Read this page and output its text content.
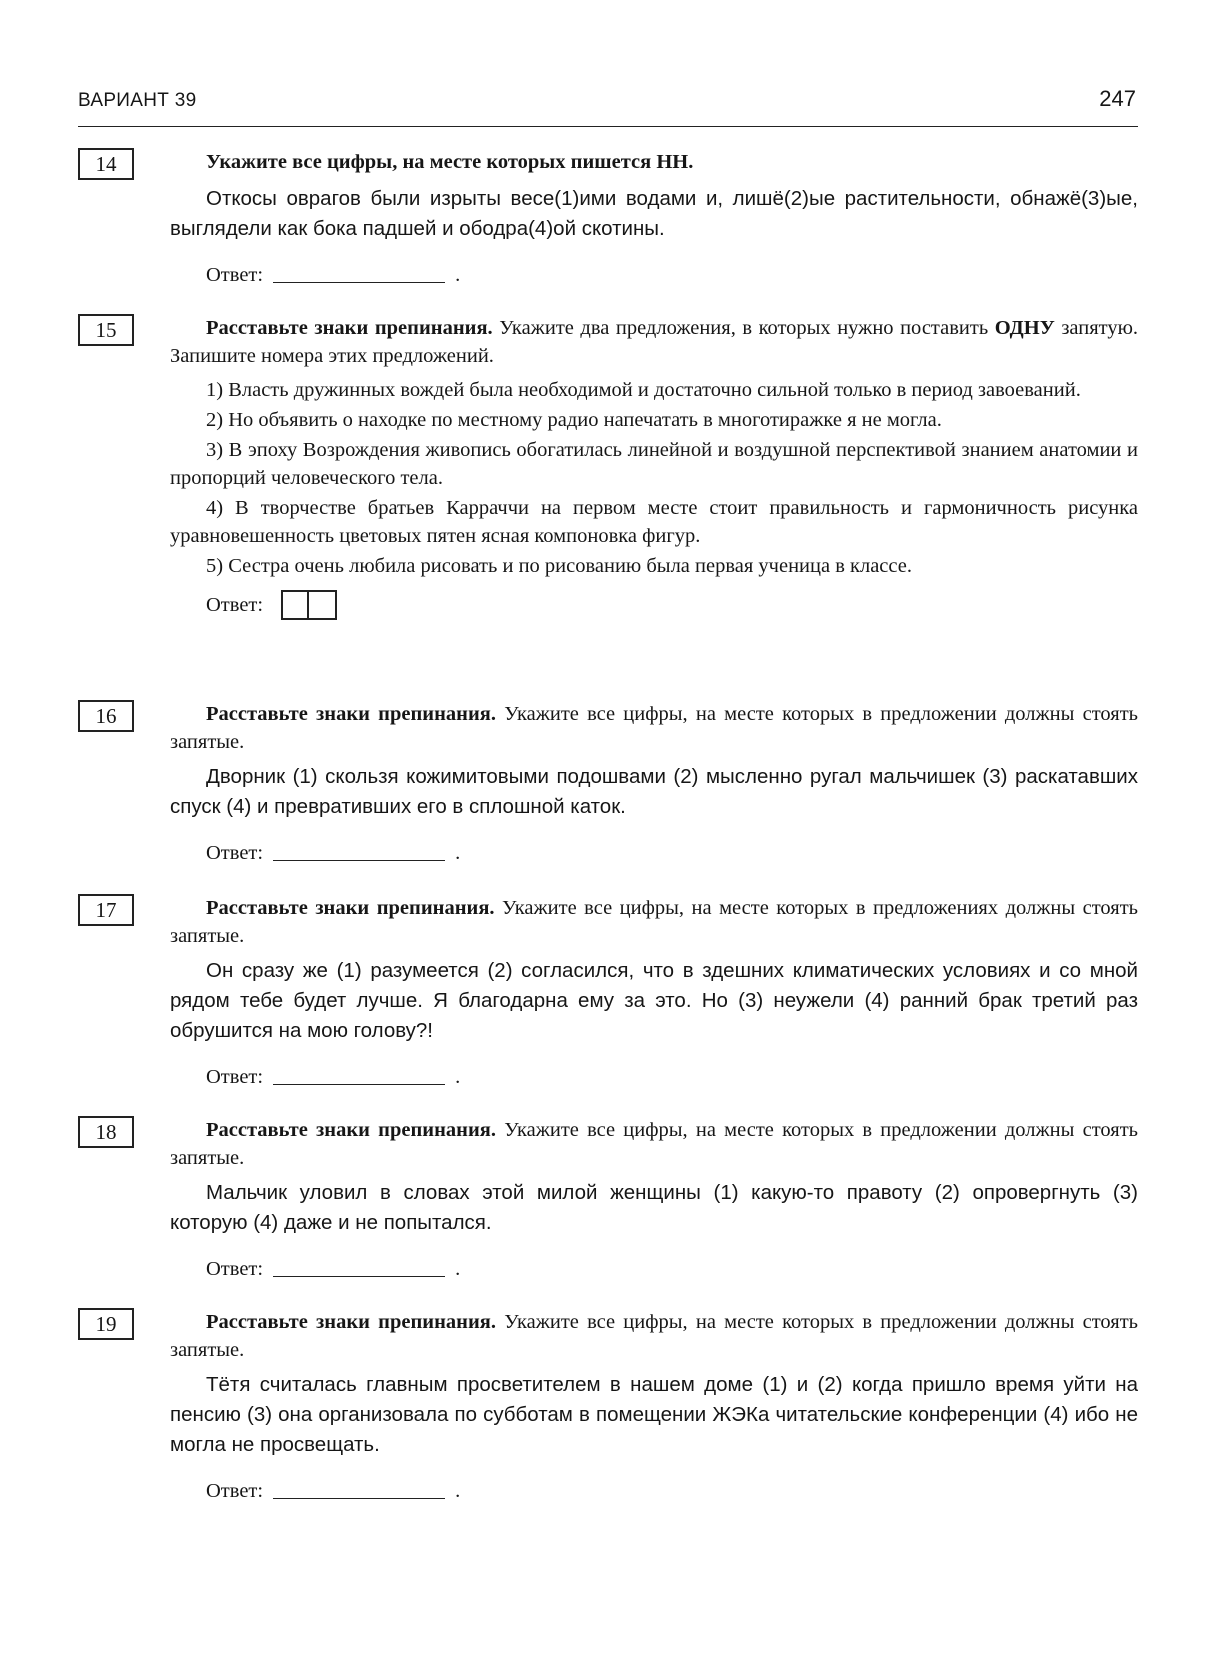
ВАРИАНТ 39	247
14	Укажите все цифры, на месте которых пишется НН.

Откосы оврагов были изрыты весе(1)ими водами и, лишё(2)ые растительности, обнажё(3)ые, выглядели как бока падшей и ободра(4)ой скотины.

Ответ:	.
15	Расставьте знаки препинания. Укажите два предложения, в которых нужно поставить ОДНУ запятую. Запишите номера этих предложений.

1) Власть дружинных вождей была необходимой и достаточно сильной только в период завоеваний.

2) Но объявить о находке по местному радио напечатать в многотиражке я не могла.

3) В эпоху Возрождения живопись обогатилась линейной и воздушной перспективой знанием анатомии и пропорций человеческого тела.

4) В творчестве братьев Карраччи на первом месте стоит правильность и гармоничность рисунка уравновешенность цветовых пятен ясная компоновка фигур.

5) Сестра очень любила рисовать и по рисованию была первая ученица в классе.

Ответ:
16	Расставьте знаки препинания. Укажите все цифры, на месте которых в предложении должны стоять запятые.

Дворник (1) скользя кожимитовыми подошвами (2) мысленно ругал мальчишек (3) раскатавших спуск (4) и превративших его в сплошной каток.

Ответ:	.
17	Расставьте знаки препинания. Укажите все цифры, на месте которых в предложениях должны стоять запятые.

Он сразу же (1) разумеется (2) согласился, что в здешних климатических условиях и со мной рядом тебе будет лучше. Я благодарна ему за это. Но (3) неужели (4) ранний брак третий раз обрушится на мою голову?!

Ответ:	.
18	Расставьте знаки препинания. Укажите все цифры, на месте которых в предложении должны стоять запятые.

Мальчик уловил в словах этой милой женщины (1) какую-то правоту (2) опровергнуть (3) которую (4) даже и не попытался.

Ответ:	.
19	Расставьте знаки препинания. Укажите все цифры, на месте которых в предложении должны стоять запятые.

Тётя считалась главным просветителем в нашем доме (1) и (2) когда пришло время уйти на пенсию (3) она организовала по субботам в помещении ЖЭКа читательские конференции (4) ибо не могла не просвещать.

Ответ:	.
